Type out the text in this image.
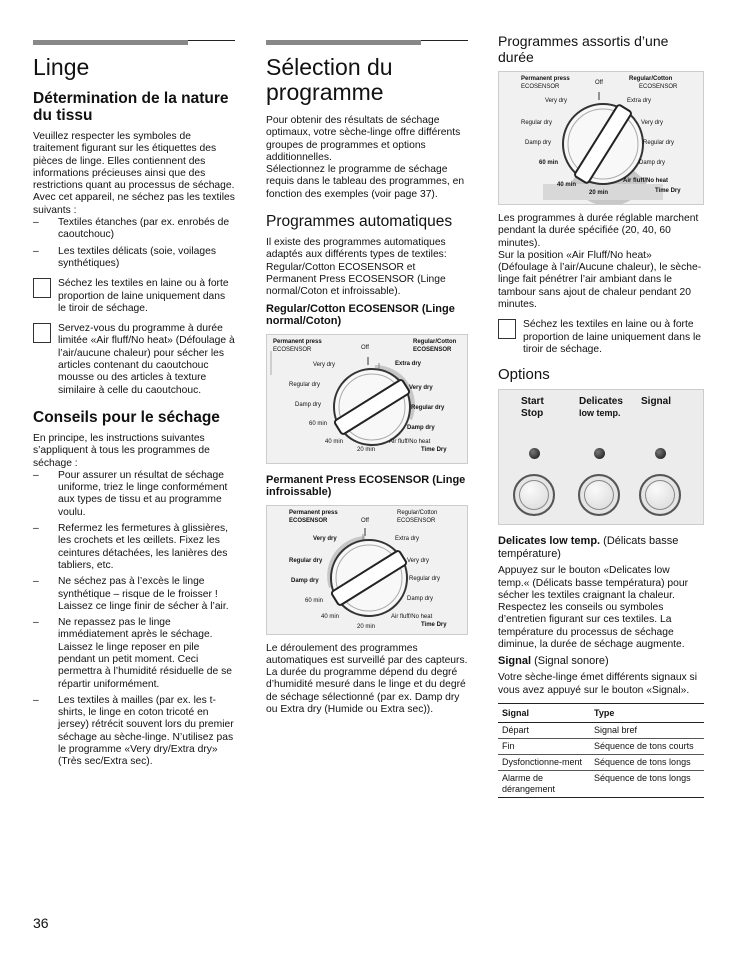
Linge
Détermination de la nature du tissu

Veuillez respecter les symboles de traitement figurant sur les étiquettes des pièces de linge. Elles contiennent des informations précieuses ainsi que des restrictions quant au processus de séchage.

Avec cet appareil, ne séchez pas les textiles suivants :

– Textiles étanches (par ex. enrobés de caoutchouc)
– Les textiles délicats (soie, voilages synthétiques)
Séchez les textiles en laine ou à forte proportion de laine uniquement dans le tiroir de séchage.
Servez-vous du programme à durée limitée «Air fluff/No heat» (Défoulage à l’air/aucune chaleur) pour sécher les articles contenant du caoutchouc mousse ou des articles à texture similaire à celle du caoutchouc.
Conseils pour le séchage

En principe, les instructions suivantes s’appliquent à tous les programmes de séchage :

– Pour assurer un résultat de séchage uniforme, triez le linge conformément aux types de tissu et au programme voulu.
– Refermez les fermetures à glissières, les crochets et les œillets. Fixez les ceintures détachées, les lanières des tabliers, etc.
– Ne séchez pas à l’excès le linge synthétique – risque de le froisser ! Laissez ce linge finir de sécher à l’air.
– Ne repassez pas le linge immédiatement après le séchage. Laissez le linge reposer en pile pendant un petit moment. Ceci permettra à l’humidité résiduelle de se répartir uniformément.
– Les textiles à mailles (par ex. les t-shirts, le linge en coton tricoté en jersey) rétrécit souvent lors du premier séchage au sèche-linge. N’utilisez pas le programme «Very dry/Extra dry» (Très sec/Extra sec).
Sélection du programme

Pour obtenir des résultats de séchage optimaux, votre sèche-linge offre différents groupes de programmes et options additionnelles.

Sélectionnez le programme de séchage requis dans le tableau des programmes, en fonction des exemples (voir page 37).

Programmes automatiques

Il existe des programmes automatiques adaptés aux différents types de textiles: Regular/Cotton ECOSENSOR et Permanent Press ECOSENSOR (Linge normal/Coton et infroissable).

Regular/Cotton ECOSENSOR (Linge normal/Coton)
Permanent press
ECOSENSOR	Off
Regular/Cotton
ECOSENSOR
Very dry	Extra dry
Regular dry	Very dry
Damp dry	Regular dry
60 min
Damp dry
40 min	Air fluff/No heat
20 min	Time Dry
Permanent Press ECOSENSOR (Linge infroissable)
Permanent press
ECOSENSOR	Off
Regular/Cotton
ECOSENSOR
Very dry	Extra dry
Regular dry	Very dry
Damp dry	Regular dry
60 min	Damp dry
40 min	Air fluff/No heat
20 min	Time Dry

Le déroulement des programmes automatiques est surveillé par des capteurs. La durée du programme dépend du degré d’humidité mesuré dans le linge et du degré de séchage sélectionné (par ex. Damp dry ou Extra dry (Humide ou Extra sec)).

Programmes assortis d’une durée
Permanent press
ECOSENSOR
Off
Regular/Cotton
ECOSENSOR
Very dry	Extra dry
Regular dry	Very dry
Damp dry	Regular dry
60 min	Damp dry
40 min
Air fluff/No heat
20 min	Time Dry

Les programmes à durée réglable marchent pendant la durée spécifiée (20, 40, 60 minutes).

Sur la position «Air Fluff/No heat» (Défoulage à l’air/Aucune chaleur), le sèche-linge fait pénétrer l’air ambiant dans le tambour sans ajout de chaleur pendant 20 minutes.

Séchez les textiles en laine ou à forte proportion de laine uniquement dans le tiroir de séchage.
Options
Start
Stop
Delicates
low temp.
Signal

Delicates low temp. (Délicats basse température)

Appuyez sur le bouton «Delicates low temp.« (Délicats basse températura) pour sécher les textiles craignant la chaleur. Respectez les conseils ou symboles d’entretien figurant sur ces textiles. La température du processus de séchage diminue, la durée de séchage augmente.

Signal (Signal sonore)

Votre sèche-linge émet différents signaux si vous avez appuyé sur le bouton «Signal».

Signal	Type
Départ	Signal bref
Fin	Séquence de tons courts
Dysfonctionne-ment	Séquence de tons longs
Alarme de dérangement	Séquence de tons longs
36
